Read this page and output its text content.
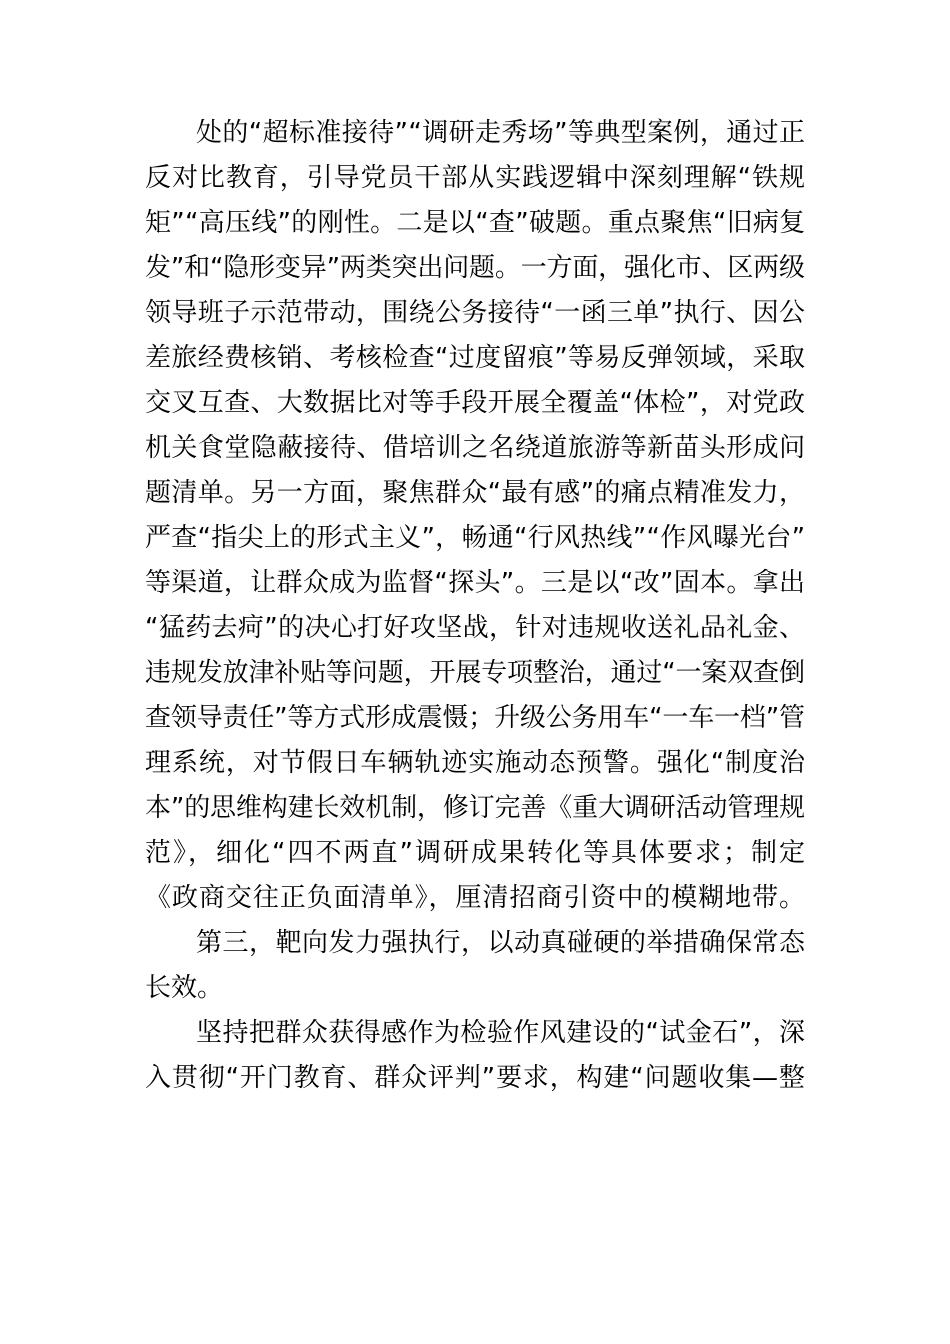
处的“超标准接待”“调研走秀场”等典型案例，通过正

反对比教育，引导党员干部从实践逻辑中深刻理解“铁规

矩”“高压线”的刚性。二是以“查”破题。重点聚焦“旧病复

发”和“隐形变异”两类突出问题。一方面，强化市、区两级

领导班子示范带动，围绕公务接待“一函三单”执行、因公

差旅经费核销、考核检查“过度留痕”等易反弹领域，采取

交叉互查、大数据比对等手段开展全覆盖“体检”，对党政

机关食堂隐蔽接待、借培训之名绕道旅游等新苗头形成问

题清单。另一方面，聚焦群众“最有感”的痛点精准发力，

严查“指尖上的形式主义”，畅通“行风热线”“作风曝光台”

等渠道，让群众成为监督“探头”。三是以“改”固本。拿出

“猛药去疴”的决心打好攻坚战，针对违规收送礼品礼金、

违规发放津补贴等问题，开展专项整治，通过“一案双查倒

查领导责任”等方式形成震慑；升级公务用车“一车一档”管

理系统，对节假日车辆轨迹实施动态预警。强化“制度治

本”的思维构建长效机制，修订完善《重大调研活动管理规

范》，细化“四不两直”调研成果转化等具体要求；制定

《政商交往正负面清单》，厘清招商引资中的模糊地带。

第三，靶向发力强执行，以动真碰硬的举措确保常态

长效。

坚持把群众获得感作为检验作风建设的“试金石”，深

入贯彻“开门教育、群众评判”要求，构建“问题收集—整
